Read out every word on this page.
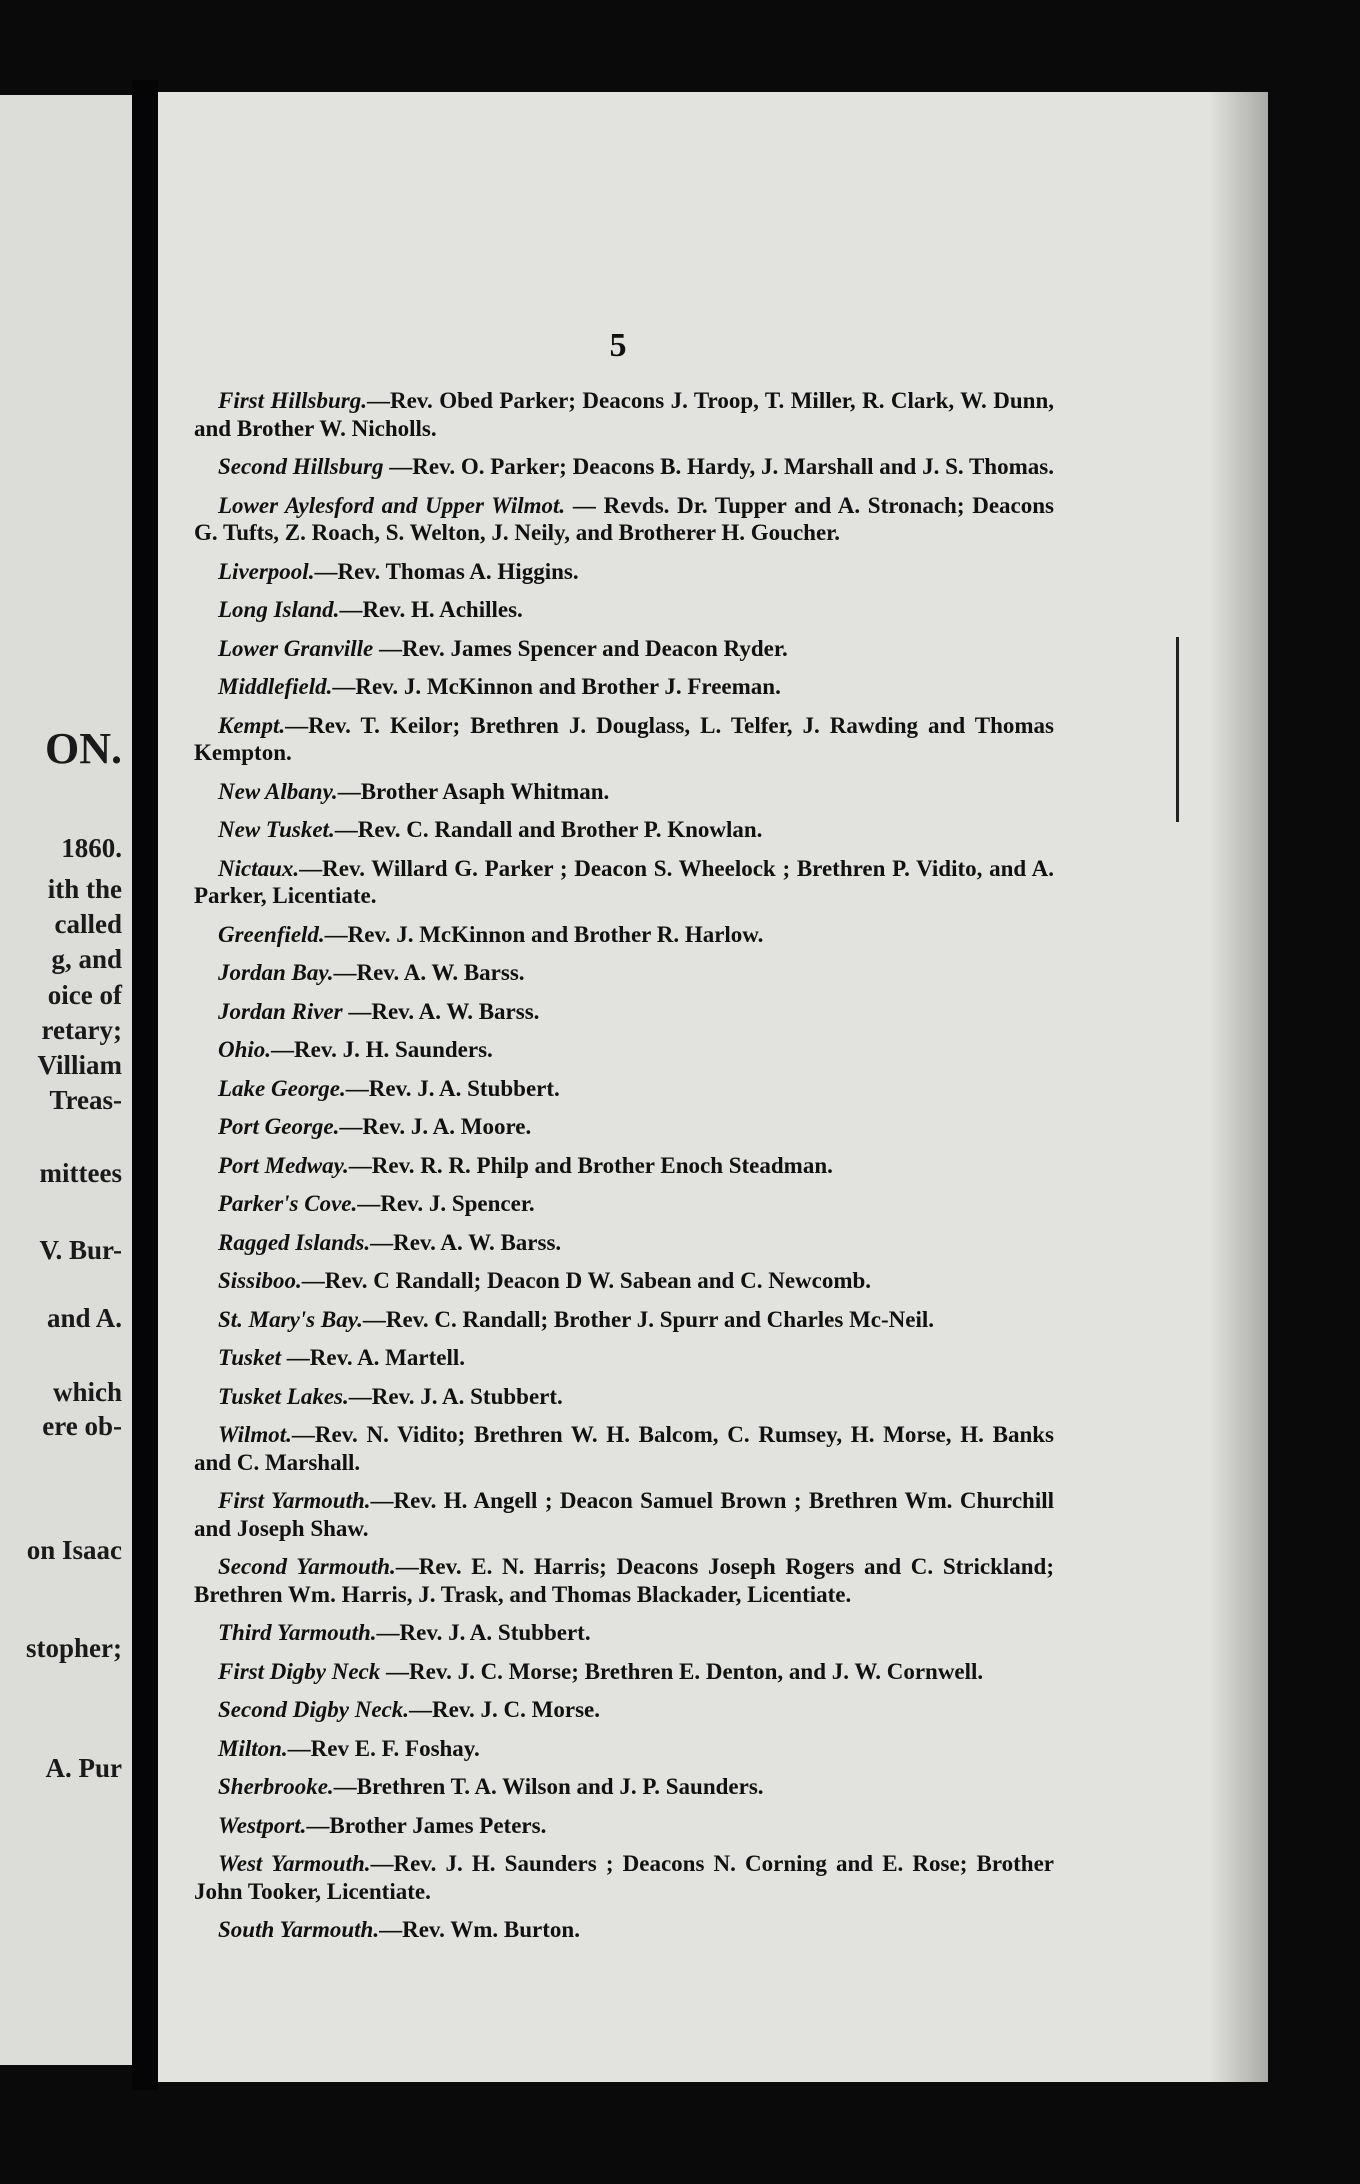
ON.
1860.
ith the
called
g, and
oice of
retary;
Villiam
Treas-
mittees
V. Bur-
and A.
which
ere ob-
on Isaac
stopher;
A. Pur
5

First Hillsburg.—Rev. Obed Parker; Deacons J. Troop, T. Miller, R. Clark, W. Dunn, and Brother W. Nicholls.

Second Hillsburg —Rev. O. Parker; Deacons B. Hardy, J. Marshall and J. S. Thomas.

Lower Aylesford and Upper Wilmot. — Revds. Dr. Tupper and A. Stronach; Deacons G. Tufts, Z. Roach, S. Welton, J. Neily, and Brotherer H. Goucher.

Liverpool.—Rev. Thomas A. Higgins.

Long Island.—Rev. H. Achilles.

Lower Granville —Rev. James Spencer and Deacon Ryder.

Middlefield.—Rev. J. McKinnon and Brother J. Freeman.

Kempt.—Rev. T. Keilor; Brethren J. Douglass, L. Telfer, J. Rawding and Thomas Kempton.

New Albany.—Brother Asaph Whitman.

New Tusket.—Rev. C. Randall and Brother P. Knowlan.

Nictaux.—Rev. Willard G. Parker ; Deacon S. Wheelock ; Brethren P. Vidito, and A. Parker, Licentiate.

Greenfield.—Rev. J. McKinnon and Brother R. Harlow.

Jordan Bay.—Rev. A. W. Barss.

Jordan River —Rev. A. W. Barss.

Ohio.—Rev. J. H. Saunders.

Lake George.—Rev. J. A. Stubbert.

Port George.—Rev. J. A. Moore.

Port Medway.—Rev. R. R. Philp and Brother Enoch Steadman.

Parker's Cove.—Rev. J. Spencer.

Ragged Islands.—Rev. A. W. Barss.

Sissiboo.—Rev. C Randall; Deacon D W. Sabean and C. Newcomb.

St. Mary's Bay.—Rev. C. Randall; Brother J. Spurr and Charles Mc-Neil.

Tusket —Rev. A. Martell.

Tusket Lakes.—Rev. J. A. Stubbert.

Wilmot.—Rev. N. Vidito; Brethren W. H. Balcom, C. Rumsey, H. Morse, H. Banks and C. Marshall.

First Yarmouth.—Rev. H. Angell ; Deacon Samuel Brown ; Brethren Wm. Churchill and Joseph Shaw.

Second Yarmouth.—Rev. E. N. Harris; Deacons Joseph Rogers and C. Strickland; Brethren Wm. Harris, J. Trask, and Thomas Blackader, Licentiate.

Third Yarmouth.—Rev. J. A. Stubbert.

First Digby Neck —Rev. J. C. Morse; Brethren E. Denton, and J. W. Cornwell.

Second Digby Neck.—Rev. J. C. Morse.

Milton.—Rev E. F. Foshay.

Sherbrooke.—Brethren T. A. Wilson and J. P. Saunders.

Westport.—Brother James Peters.

West Yarmouth.—Rev. J. H. Saunders ; Deacons N. Corning and E. Rose; Brother John Tooker, Licentiate.

South Yarmouth.—Rev. Wm. Burton.
